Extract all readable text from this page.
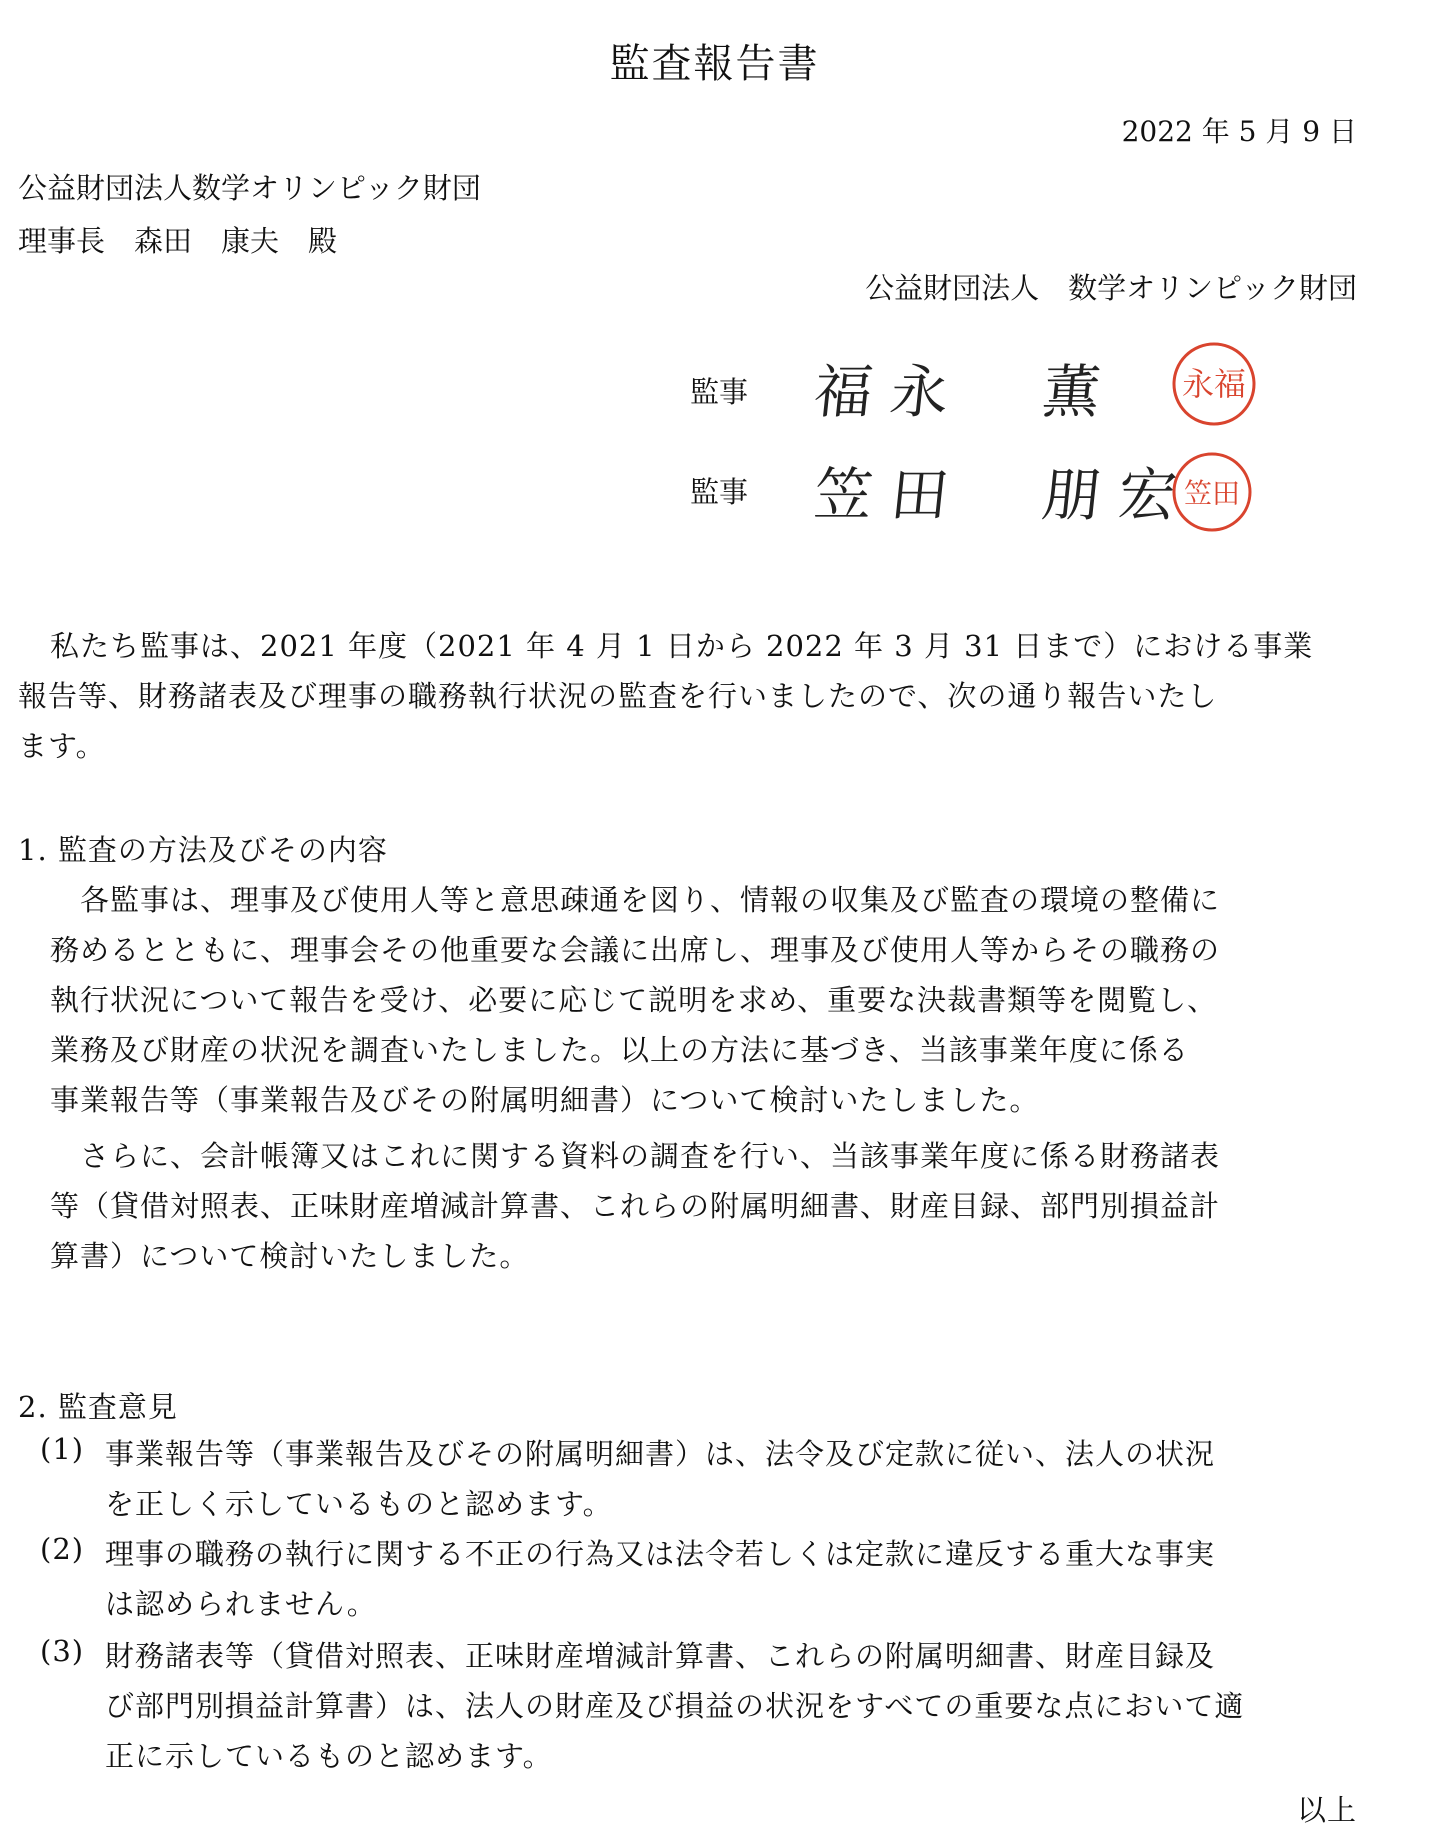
監査報告書
2022 年 5 月 9 日
公益財団法人数学オリンピック財団
理事長　森田　康夫　殿
公益財団法人　数学オリンピック財団
監事 福永　薫 永福
監事 笠田　朋宏
笠田
私たち監事は、2021 年度（2021 年 4 月 1 日から 2022 年 3 月 31 日まで）における事業
報告等、財務諸表及び理事の職務執行状況の監査を行いましたので、次の通り報告いたし
ます。
1. 監査の方法及びその内容
各監事は、理事及び使用人等と意思疎通を図り、情報の収集及び監査の環境の整備に
務めるとともに、理事会その他重要な会議に出席し、理事及び使用人等からその職務の
執行状況について報告を受け、必要に応じて説明を求め、重要な決裁書類等を閲覧し、
業務及び財産の状況を調査いたしました。以上の方法に基づき、当該事業年度に係る
事業報告等（事業報告及びその附属明細書）について検討いたしました。
さらに、会計帳簿又はこれに関する資料の調査を行い、当該事業年度に係る財務諸表
等（貸借対照表、正味財産増減計算書、これらの附属明細書、財産目録、部門別損益計
算書）について検討いたしました。
2. 監査意見
(1) 事業報告等（事業報告及びその附属明細書）は、法令及び定款に従い、法人の状況
を正しく示しているものと認めます。
(2) 理事の職務の執行に関する不正の行為又は法令若しくは定款に違反する重大な事実
は認められません。
(3) 財務諸表等（貸借対照表、正味財産増減計算書、これらの附属明細書、財産目録及
び部門別損益計算書）は、法人の財産及び損益の状況をすべての重要な点において適
正に示しているものと認めます。
以上
